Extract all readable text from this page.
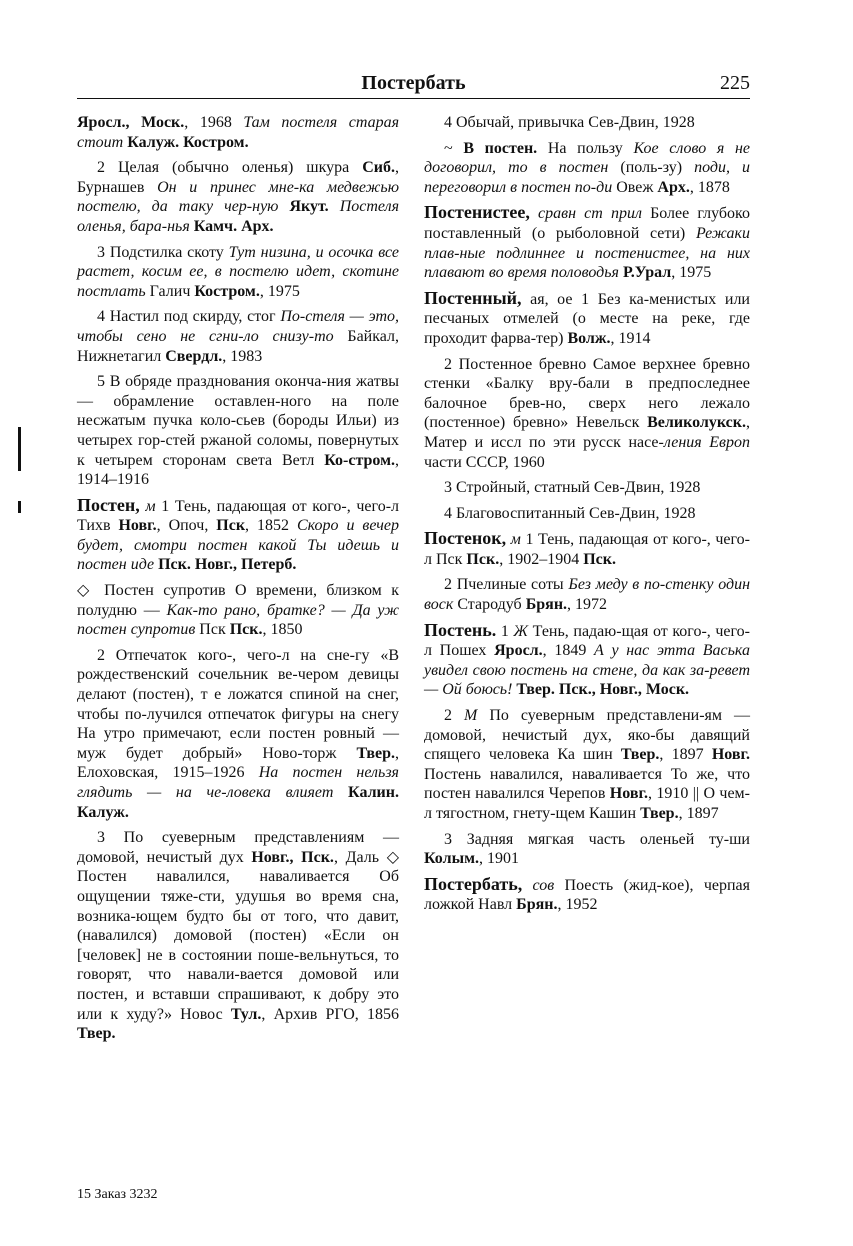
Постербать	225

Яросл., Моск., 1968 Там постеля старая стоит Калуж. Костром.

2 Целая (обычно оленья) шкура Сиб., Бурнашев Он и принес мне-ка медвежью постелю, да таку чер-ную Якут. Постеля оленья, бара-нья Камч. Арх.

3 Подстилка скоту Тут низина, и осочка все растет, косим ее, в постелю идет, скотине постлать Галич Костром., 1975

4 Настил под скирду, стог По-стеля — это, чтобы сено не сгни-ло снизу-то Байкал, Нижнетагил Свердл., 1983

5 В обряде празднования оконча-ния жатвы — обрамление оставлен-ного на поле несжатым пучка коло-сьев (бороды Ильи) из четырех гор-стей ржаной соломы, повернутых к четырем сторонам света Ветл Ко-стром., 1914–1916

Постен, м 1 Тень, падающая от кого-, чего-л Тихв Новг., Опоч, Пск, 1852 Скоро и вечер будет, смотри постен какой Ты идешь и постен иде Пск. Новг., Петерб.

◇ Постен супротив О времени, близком к полудню — Как-то рано, братке? — Да уж постен супротив Пск Пск., 1850

2 Отпечаток кого-, чего-л на сне-гу «В рождественский сочельник ве-чером девицы делают (постен), т е ложатся спиной на снег, чтобы по-лучился отпечаток фигуры на снегу На утро примечают, если постен ровный — муж будет добрый» Ново-торж Твер., Елоховская, 1915–1926 На постен нельзя глядить — на че-ловека влияет Калин. Калуж.

3 По суеверным представлениям — домовой, нечистый дух Новг., Пск., Даль ◇ Постен навалился, наваливается Об ощущении тяже-сти, удушья во время сна, возника-ющем будто бы от того, что давит, (навалился) домовой (постен) «Если он [человек] не в состоянии поше-вельнуться, то говорят, что навали-вается домовой или постен, и вставши спрашивают, к добру это или к худу?» Новос Тул., Архив РГО, 1856 Твер.

4 Обычай, привычка Сев-Двин, 1928

~ В постен. На пользу Кое слово я не договорил, то в постен (поль-зу) поди, и переговорил в постен по-ди Овеж Арх., 1878

Постенистее, сравн ст прил Более глубоко поставленный (о рыболовной сети) Режаки плав-ные подлиннее и постенистее, на них плавают во время половодья Р.Урал, 1975

Постенный, ая, ое 1 Без ка-менистых или песчаных отмелей (о месте на реке, где проходит фарва-тер) Волж., 1914

2 Постенное бревно Самое верхнее бревно стенки «Балку вру-бали в предпоследнее балочное брев-но, сверх него лежало (постенное) бревно» Невельск Великолукск., Матер и иссл по эти русск насе-ления Европ части СССР, 1960

3 Стройный, статный Сев-Двин, 1928

4 Благовоспитанный Сев-Двин, 1928

Постенок, м 1 Тень, падающая от кого-, чего-л Пск Пск., 1902–1904 Пск.

2 Пчелиные соты Без меду в по-стенку один воск Стародуб Брян., 1972

Постень. 1 Ж Тень, падаю-щая от кого-, чего-л Пошех Яросл., 1849 А у нас этта Васька увидел свою постень на стене, да как за-ревет — Ой боюсь! Твер. Пск., Новг., Моск.

2 М По суеверным представлени-ям — домовой, нечистый дух, яко-бы давящий спящего человека Ка шин Твер., 1897 Новг. Постень навалился, наваливается То же, что постен навалился Черепов Новг., 1910 || О чем-л тягостном, гнету-щем Кашин Твер., 1897

3 Задняя мягкая часть оленьей ту-ши Колым., 1901

Постербать, сов Поесть (жид-кое), черпая ложкой Навл Брян., 1952

15 Заказ 3232
